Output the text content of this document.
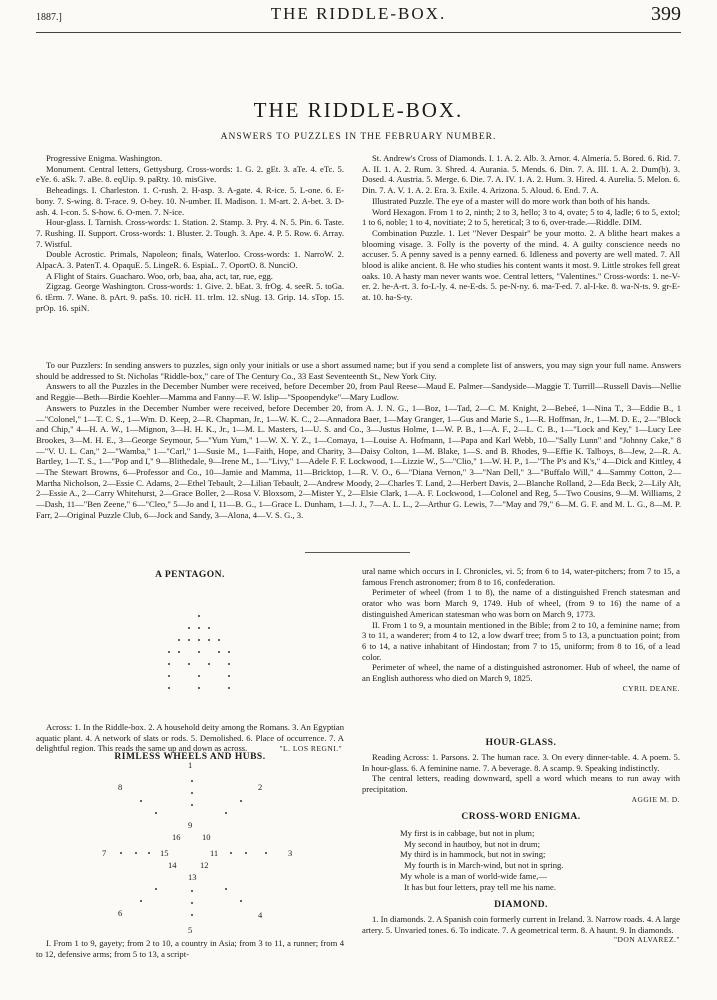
1887.]	THE RIDDLE-BOX.	399
THE RIDDLE-BOX.
ANSWERS TO PUZZLES IN THE FEBRUARY NUMBER.

Progressive Enigma. Washington.

Monument. Central letters, Gettysburg. Cross-words: 1. G. 2. gEt. 3. aTe. 4. eTc. 5. eYe. 6. aSk. 7. aBe. 8. eqUip. 9. paRty. 10. misGive.

Beheadings. I. Charleston. 1. C-rush. 2. H-asp. 3. A-gate. 4. R-ice. 5. L-one. 6. E-bony. 7. S-wing. 8. T-race. 9. O-bey. 10. N-umber. II. Madison. 1. M-art. 2. A-bet. 3. D-ash. 4. I-con. 5. S-how. 6. O-men. 7. N-ice.

Hour-glass. I. Tarnish. Cross-words: 1. Station. 2. Stamp. 3. Pry. 4. N. 5. Pin. 6. Taste. 7. Rushing. II. Support. Cross-words: 1. Bluster. 2. Tough. 3. Ape. 4. P. 5. Row. 6. Array. 7. Wistful.

Double Acrostic. Primals, Napoleon; finals, Waterloo. Cross-words: 1. NarroW. 2. AlpacA. 3. PatenT. 4. OpaquE. 5. LingeR. 6. EspiaL. 7. OportO. 8. NunciO.

A Flight of Stairs. Guacharo. Woo, orb, baa, aha, act, tar, rue, egg.

Zigzag. George Washington. Cross-words: 1. Give. 2. bEat. 3. frOg. 4. seeR. 5. toGa. 6. tErm. 7. Wane. 8. pArt. 9. paSs. 10. ricH. 11. trIm. 12. sNug. 13. Grip. 14. sTop. 15. prOp. 16. spiN.

St. Andrew's Cross of Diamonds. I. 1. A. 2. Alb. 3. Arnor. 4. Almeria. 5. Bored. 6. Rid. 7. A. II. 1. A. 2. Rum. 3. Shred. 4. Aurania. 5. Mends. 6. Din. 7. A. III. 1. A. 2. Dum(b). 3. Dosed. 4. Austria. 5. Merge. 6. Die. 7. A. IV. 1. A. 2. Hum. 3. Hired. 4. Aurelia. 5. Melon. 6. Din. 7. A. V. 1. A. 2. Era. 3. Exile. 4. Arizona. 5. Aloud. 6. End. 7. A.

Illustrated Puzzle. The eye of a master will do more work than both of his hands.

Word Hexagon. From 1 to 2, ninth; 2 to 3, hello; 3 to 4, ovate; 5 to 4, ladle; 6 to 5, extol; 1 to 6, noble; 1 to 4, novitiate; 2 to 5, heretical; 3 to 6, over-trade.—Riddle. DIM.

Combination Puzzle. 1. Let "Never Despair" be your motto. 2. A blithe heart makes a blooming visage. 3. Folly is the poverty of the mind. 4. A guilty conscience needs no accuser. 5. A penny saved is a penny earned. 6. Idleness and poverty are well mated. 7. All blood is alike ancient. 8. He who studies his content wants it most. 9. Little strokes fell great oaks. 10. A hasty man never wants woe. Central letters, "Valentines." Cross-words: 1. ne-V-er. 2. he-A-rt. 3. fo-L-ly. 4. ne-E-ds. 5. pe-N-ny. 6. ma-T-ed. 7. al-I-ke. 8. wa-N-ts. 9. gr-E-at. 10. ha-S-ty.

To our Puzzlers: In sending answers to puzzles, sign only your initials or use a short assumed name; but if you send a complete list of answers, you may sign your full name. Answers should be addressed to St. Nicholas "Riddle-box," care of The Century Co., 33 East Seventeenth St., New York City.

Answers to all the Puzzles in the December Number were received, before December 20, from Paul Reese—Maud E. Palmer—Sandyside—Maggie T. Turrill—Russell Davis—Nellie and Reggie—Beth—Birdie Koehler—Mamma and Fanny—F. W. Islip—"Spoopendyke"—Mary Ludlow.

Answers to Puzzles in the December Number were received, before December 20, from A. J. N. G., 1—Boz, 1—Tad, 2—C. M. Knight, 2—Bebeé, 1—Nina T., 3—Eddie B., 1—"Colonel," 1—T. C. S., 1—Wm. D. Keep, 2—R. Chapman, Jr., 1—W. K. C., 2—Annadora Baer, 1—May Granger, 1—Gus and Marie S., 1—R. Hoffman, Jr., 1—M. D. E., 2—"Block and Chip," 4—H. A. W., 1—Mignon, 3—H. H. K., Jr., 1—M. L. Masters, 1—U. S. and Co., 3—Justus Holme, 1—W. P. B., 1—A. F., 2—L. C. B., 1—"Lock and Key," 1—Lucy Lee Brookes, 3—M. H. E., 3—George Seymour, 5—"Yum Yum," 1—W. X. Y. Z., 1—Comaya, 1—Louise A. Hofmann, 1—Papa and Karl Webb, 10—"Sally Lunn" and "Johnny Cake," 8—"V. U. L. Can," 2—"Wamba," 1—"Carl," 1—Susie M., 1—Faith, Hope, and Charity, 3—Daisy Colton, 1—M. Blake, 1—S. and B. Rhodes, 9—Effie K. Talboys, 8—Jew, 2—R. A. Bartley, 1—T. S., 1—"Pop and I," 9—Blithedale, 9—Irene M., 1—"Livy," 1—Adele F. F. Lockwood, 1—Lizzie W., 5—"Clio," 1—W. H. P., 1—"The P's and K's," 4—Dick and Kittley, 4—The Stewart Browns, 6—Professor and Co., 10—Jamie and Mamma, 11—Bricktop, 1—R. V. O., 6—"Diana Vernon," 3—"Nan Dell," 3—"Buffalo Will," 4—Sammy Cotton, 2—Martha Nicholson, 2—Essie C. Adams, 2—Ethel Tebault, 2—Lilian Tebault, 2—Andrew Moody, 2—Charles T. Land, 2—Herbert Davis, 2—Blanche Rolland, 2—Eda Beck, 2—Lily Alt, 2—Essie A., 2—Carry Whitehurst, 2—Grace Boller, 2—Rosa V. Bloxsom, 2—Mister Y., 2—Elsie Clark, 1—A. F. Lockwood, 1—Colonel and Reg, 5—Two Cousins, 9—M. Williams, 2—Dash, 11—"Ben Zeene," 6—"Cleo," 5—Jo and I, 11—B. G., 1—Grace L. Dunham, 1—J. J., 7—A. L. L., 2—Arthur G. Lewis, 7—"May and 79," 6—M. G. F. and M. L. G., 8—M. P. Farr, 2—Original Puzzle Club, 6—Jock and Sandy, 3—Alona, 4—V. S. G., 3.

A PENTAGON.

Across: 1. In the Riddle-box. 2. A household deity among the Romans. 3. An Egyptian aquatic plant. 4. A network of slats or rods. 5. Demolished. 6. Place of occurrence. 7. A delightful region. This reads the same up and down as across.	"L. LOS REGNI."

RIMLESS WHEELS AND HUBS.
1
2
3
4
5
6
7
8
9
10
11
12
13
14
15
16

I. From 1 to 9, gayety; from 2 to 10, a country in Asia; from 3 to 11, a runner; from 4 to 12, defensive arms; from 5 to 13, a script-

ural name which occurs in I. Chronicles, vi. 5; from 6 to 14, water-pitchers; from 7 to 15, a famous French astronomer; from 8 to 16, confederation.

Perimeter of wheel (from 1 to 8), the name of a distinguished French statesman and orator who was born March 9, 1749. Hub of wheel, (from 9 to 16) the name of a distinguished American statesman who was born on March 9, 1773.

II. From 1 to 9, a mountain mentioned in the Bible; from 2 to 10, a feminine name; from 3 to 11, a wanderer; from 4 to 12, a low dwarf tree; from 5 to 13, a punctuation point; from 6 to 14, a native inhabitant of Hindostan; from 7 to 15, uniform; from 8 to 16, of a lead color.

Perimeter of wheel, the name of a distinguished astronomer. Hub of wheel, the name of an English authoress who died on March 9, 1825.

CYRIL DEANE.
HOUR-GLASS.

Reading Across: 1. Parsons. 2. The human race. 3. On every dinner-table. 4. A poem. 5. In hour-glass. 6. A feminine name. 7. A beverage. 8. A scamp. 9. Speaking indistinctly.

The central letters, reading downward, spell a word which means to run away with precipitation.

AGGIE M. D.
CROSS-WORD ENIGMA.
My first is in cabbage, but not in plum;
My second in hautboy, but not in drum;
My third is in hammock, but not in swing;
My fourth is in March-wind, but not in spring.
My whole is a man of world-wide fame,—
It has but four letters, pray tell me his name.
DIAMOND.

1. In diamonds. 2. A Spanish coin formerly current in Ireland. 3. Narrow roads. 4. A large artery. 5. Unvaried tones. 6. To indicate. 7. A geometrical term. 8. A haunt. 9. In diamonds.

"DON ALVAREZ."
